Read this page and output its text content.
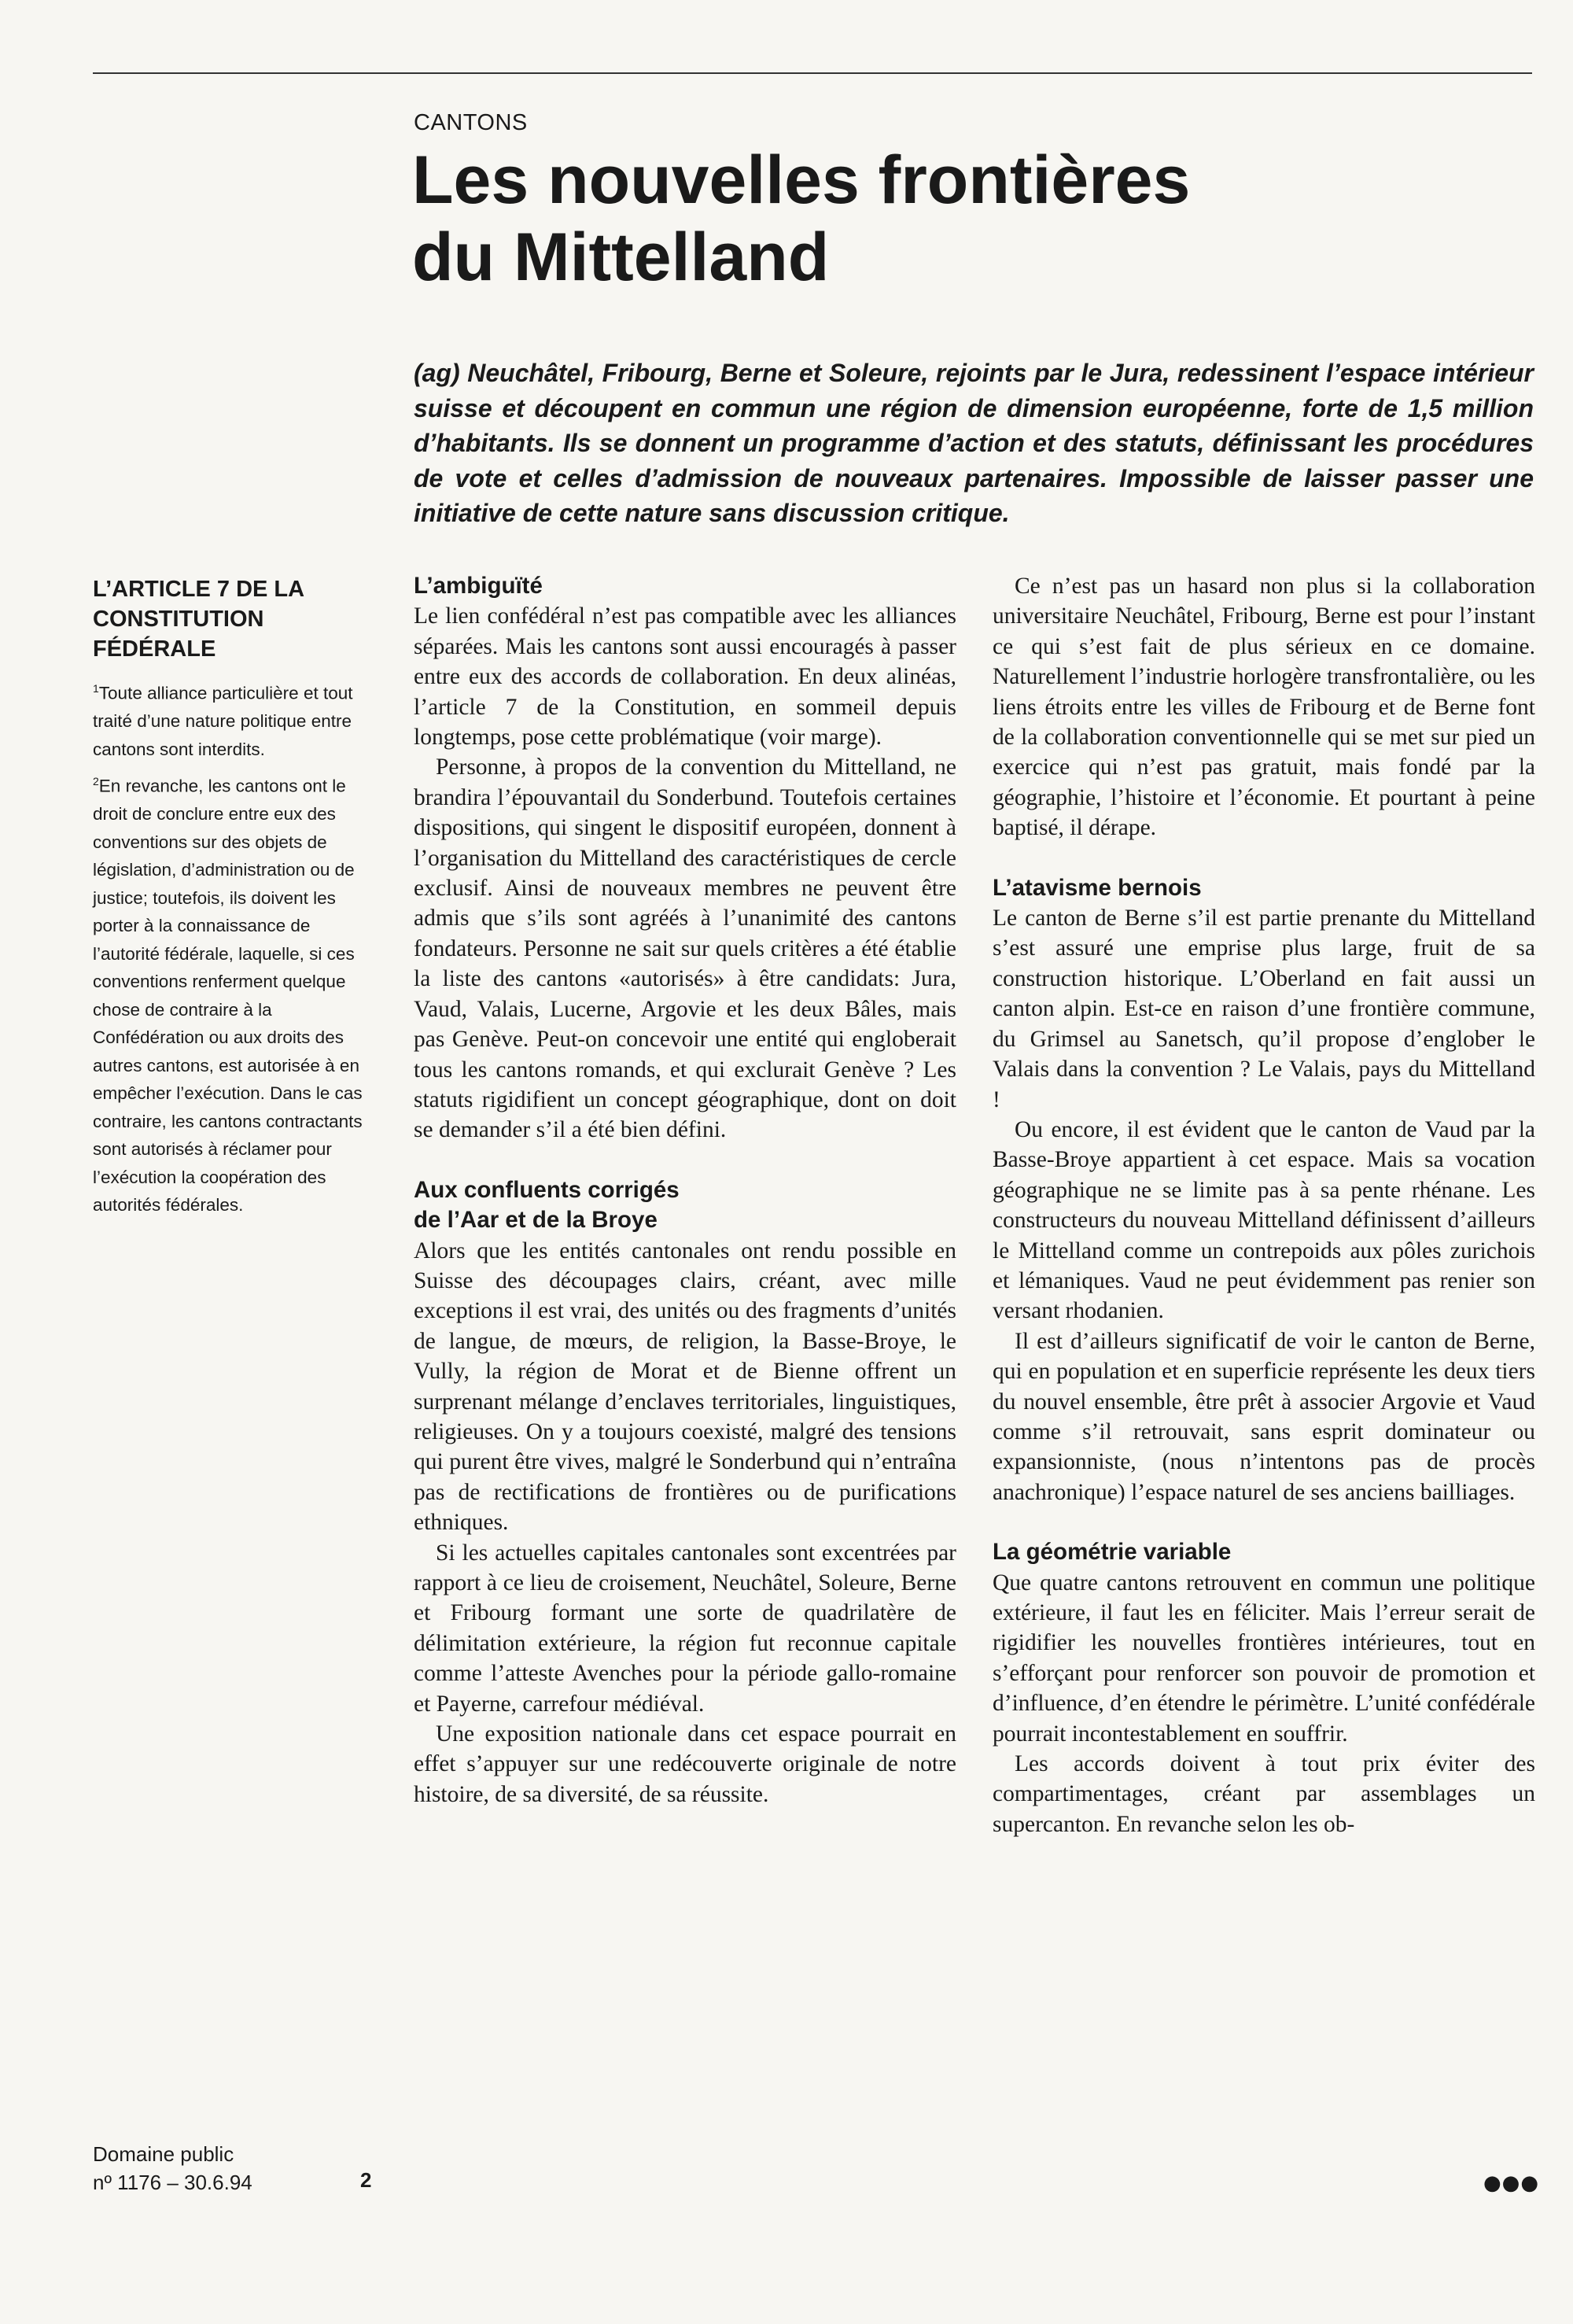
CANTONS
Les nouvelles frontières
du Mittelland

(ag) Neuchâtel, Fribourg, Berne et Soleure, rejoints par le Jura, redessinent l’espace intérieur suisse et découpent en commun une région de dimension européenne, forte de 1,5 million d’habitants. Ils se donnent un programme d’action et des statuts, définissant les procédures de vote et celles d’admission de nouveaux partenaires. Impossible de laisser passer une initiative de cette nature sans discussion critique.

L’ARTICLE 7 DE LA CONSTITUTION FÉDÉRALE

$^1$Toute alliance particulière et tout traité d’une nature politique entre cantons sont interdits.

$^2$En revanche, les cantons ont le droit de conclure entre eux des conventions sur des objets de législation, d’administration ou de justice; toutefois, ils doivent les porter à la connaissance de l’autorité fédérale, laquelle, si ces conventions renferment quelque chose de contraire à la Confédération ou aux droits des autres cantons, est autorisée à en empêcher l’exécution. Dans le cas contraire, les cantons contractants sont autorisés à réclamer pour l’exécution la coopération des autorités fédérales.

Domaine public
nº 1176 – 30.6.94	2
L’ambiguïté

Le lien confédéral n’est pas compatible avec les alliances séparées. Mais les cantons sont aussi encouragés à passer entre eux des accords de collaboration. En deux alinéas, l’article 7 de la Constitution, en sommeil depuis longtemps, pose cette problématique (voir marge).

Personne, à propos de la convention du Mittelland, ne brandira l’épouvantail du Sonderbund. Toutefois certaines dispositions, qui singent le dispositif européen, donnent à l’organisation du Mittelland des caractéristiques de cercle exclusif. Ainsi de nouveaux membres ne peuvent être admis que s’ils sont agréés à l’unanimité des cantons fondateurs. Personne ne sait sur quels critères a été établie la liste des cantons «autorisés» à être candidats: Jura, Vaud, Valais, Lucerne, Argovie et les deux Bâles, mais pas Genève. Peut-on concevoir une entité qui engloberait tous les cantons romands, et qui exclurait Genève ? Les statuts rigidifient un concept géographique, dont on doit se demander s’il a été bien défini.

Aux confluents corrigés
de l’Aar et de la Broye

Alors que les entités cantonales ont rendu possible en Suisse des découpages clairs, créant, avec mille exceptions il est vrai, des unités ou des fragments d’unités de langue, de mœurs, de religion, la Basse-Broye, le Vully, la région de Morat et de Bienne offrent un surprenant mélange d’enclaves territoriales, linguistiques, religieuses. On y a toujours coexisté, malgré des tensions qui purent être vives, malgré le Sonderbund qui n’entraîna pas de rectifications de frontières ou de purifications ethniques.

Si les actuelles capitales cantonales sont excentrées par rapport à ce lieu de croisement, Neuchâtel, Soleure, Berne et Fribourg formant une sorte de quadrilatère de délimitation extérieure, la région fut reconnue capitale comme l’atteste Avenches pour la période gallo-romaine et Payerne, carrefour médiéval.

Une exposition nationale dans cet espace pourrait en effet s’appuyer sur une redécouverte originale de notre histoire, de sa diversité, de sa réussite.

Ce n’est pas un hasard non plus si la collaboration universitaire Neuchâtel, Fribourg, Berne est pour l’instant ce qui s’est fait de plus sérieux en ce domaine. Naturellement l’industrie horlogère transfrontalière, ou les liens étroits entre les villes de Fribourg et de Berne font de la collaboration conventionnelle qui se met sur pied un exercice qui n’est pas gratuit, mais fondé par la géographie, l’histoire et l’économie. Et pourtant à peine baptisé, il dérape.

L’atavisme bernois

Le canton de Berne s’il est partie prenante du Mittelland s’est assuré une emprise plus large, fruit de sa construction historique. L’Oberland en fait aussi un canton alpin. Est-ce en raison d’une frontière commune, du Grimsel au Sanetsch, qu’il propose d’englober le Valais dans la convention ? Le Valais, pays du Mittelland !

Ou encore, il est évident que le canton de Vaud par la Basse-Broye appartient à cet espace. Mais sa vocation géographique ne se limite pas à sa pente rhénane. Les constructeurs du nouveau Mittelland définissent d’ailleurs le Mittelland comme un contrepoids aux pôles zurichois et lémaniques. Vaud ne peut évidemment pas renier son versant rhodanien.

Il est d’ailleurs significatif de voir le canton de Berne, qui en population et en superficie représente les deux tiers du nouvel ensemble, être prêt à associer Argovie et Vaud comme s’il retrouvait, sans esprit dominateur ou expansionniste, (nous n’intentons pas de procès anachronique) l’espace naturel de ses anciens bailliages.

La géométrie variable

Que quatre cantons retrouvent en commun une politique extérieure, il faut les en féliciter. Mais l’erreur serait de rigidifier les nouvelles frontières intérieures, tout en s’efforçant pour renforcer son pouvoir de promotion et d’influence, d’en étendre le périmètre. L’unité confédérale pourrait incontestablement en souffrir.

Les accords doivent à tout prix éviter des compartimentages, créant par assemblages un supercanton. En revanche selon les ob-

●●●
